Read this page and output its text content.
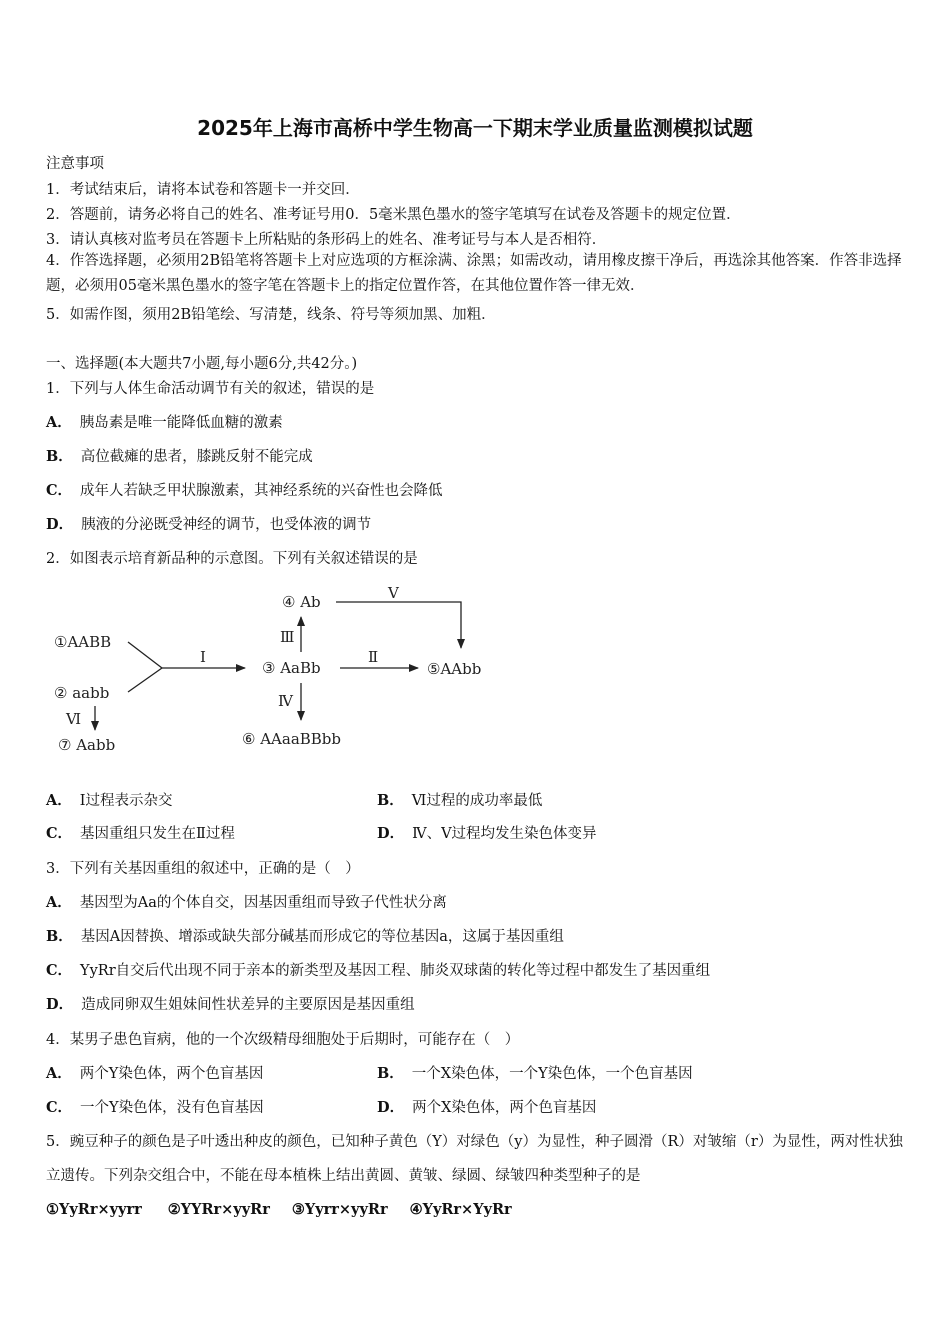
2025年上海市高桥中学生物高一下期末学业质量监测模拟试题
注意事项
1．考试结束后，请将本试卷和答题卡一并交回．
2．答题前，请务必将自己的姓名、准考证号用0．5毫米黑色墨水的签字笔填写在试卷及答题卡的规定位置．
3．请认真核对监考员在答题卡上所粘贴的条形码上的姓名、准考证号与本人是否相符．
4．作答选择题，必须用2B铅笔将答题卡上对应选项的方框涂满、涂黑；如需改动，请用橡皮擦干净后，再选涂其他答案．作答非选择题，必须用05毫米黑色墨水的签字笔在答题卡上的指定位置作答，在其他位置作答一律无效．
5．如需作图，须用2B铅笔绘、写清楚，线条、符号等须加黑、加粗．
一、选择题(本大题共7小题,每小题6分,共42分。)
1．下列与人体生命活动调节有关的叙述，错误的是
A． 胰岛素是唯一能降低血糖的激素
B． 高位截瘫的患者，膝跳反射不能完成
C． 成年人若缺乏甲状腺激素，其神经系统的兴奋性也会降低
D． 胰液的分泌既受神经的调节，也受体液的调节
2．如图表示培育新品种的示意图。下列有关叙述错误的是
①AABB
② aabb
③ AaBb
④ Ab
⑤AAbb
⑥ AAaaBBbb
⑦ Aabb
Ⅰ	Ⅱ
Ⅲ
Ⅳ
Ⅴ
Ⅵ
A． Ⅰ过程表示杂交	B． Ⅵ过程的成功率最低
C． 基因重组只发生在Ⅱ过程	D． Ⅳ、Ⅴ过程均发生染色体变异
3．下列有关基因重组的叙述中，正确的是（　）
A． 基因型为Aa的个体自交，因基因重组而导致子代性状分离
B． 基因A因替换、增添或缺失部分碱基而形成它的等位基因a，这属于基因重组
C． YyRr自交后代出现不同于亲本的新类型及基因工程、肺炎双球菌的转化等过程中都发生了基因重组
D． 造成同卵双生姐妹间性状差异的主要原因是基因重组
4．某男子患色盲病，他的一个次级精母细胞处于后期时，可能存在（　）
A． 两个Y染色体，两个色盲基因	B． 一个X染色体，一个Y染色体，一个色盲基因
C． 一个Y染色体，没有色盲基因	D． 两个X染色体，两个色盲基因
5．豌豆种子的颜色是子叶透出种皮的颜色，已知种子黄色（Y）对绿色（y）为显性，种子圆滑（R）对皱缩（r）为显性，两对性状独立遗传。下列杂交组合中，不能在母本植株上结出黄圆、黄皱、绿圆、绿皱四种类型种子的是
①YyRr×yyrr ②YYRr×yyRr ③Yyrr×yyRr ④YyRr×YyRr
